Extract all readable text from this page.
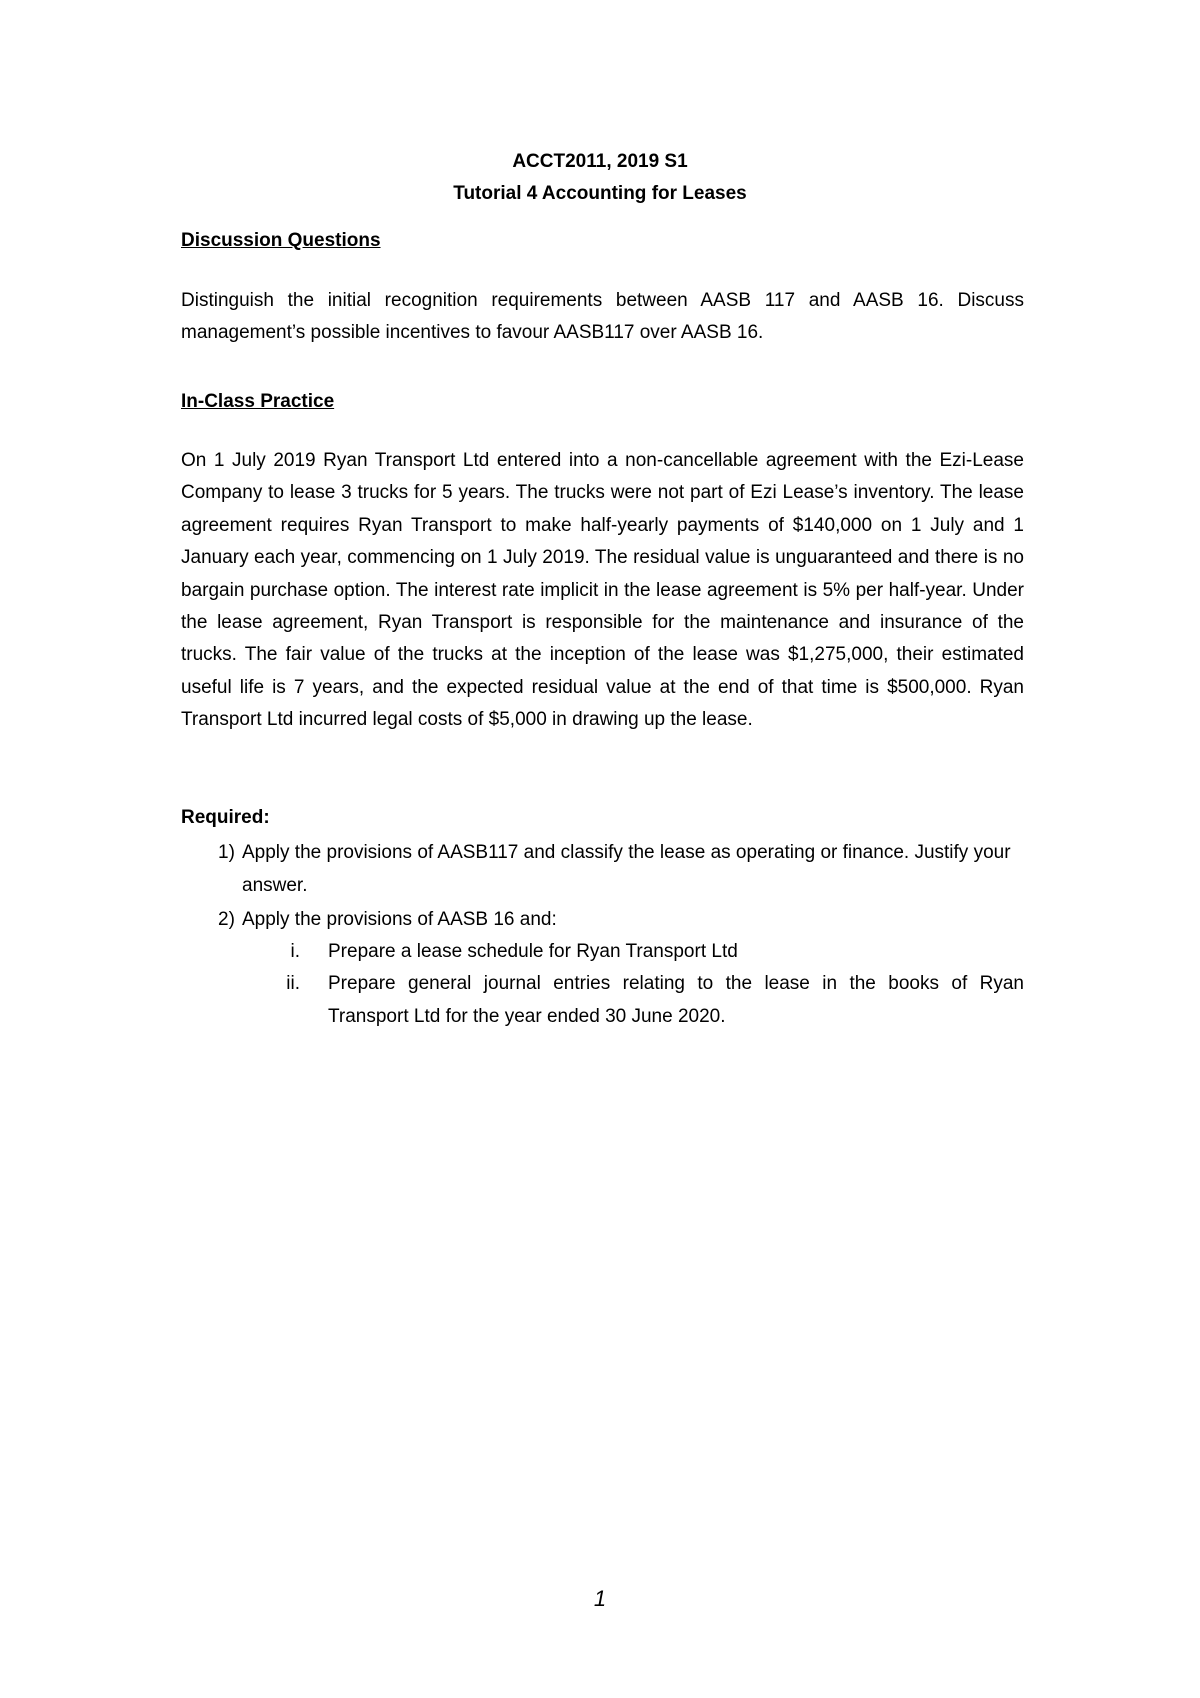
ACCT2011, 2019 S1
Tutorial 4 Accounting for Leases
Discussion Questions
Distinguish the initial recognition requirements between AASB 117 and AASB 16. Discuss management’s possible incentives to favour AASB117 over AASB 16.
In-Class Practice
On 1 July 2019 Ryan Transport Ltd entered into a non-cancellable agreement with the Ezi-Lease Company to lease 3 trucks for 5 years. The trucks were not part of Ezi Lease’s inventory. The lease agreement requires Ryan Transport to make half-yearly payments of $140,000 on 1 July and 1 January each year, commencing on 1 July 2019. The residual value is unguaranteed and there is no bargain purchase option. The interest rate implicit in the lease agreement is 5% per half-year. Under the lease agreement, Ryan Transport is responsible for the maintenance and insurance of the trucks. The fair value of the trucks at the inception of the lease was $1,275,000, their estimated useful life is 7 years, and the expected residual value at the end of that time is $500,000. Ryan Transport Ltd incurred legal costs of $5,000 in drawing up the lease.
Required:
1) Apply the provisions of AASB117 and classify the lease as operating or finance. Justify your answer.
2) Apply the provisions of AASB 16 and:
i. Prepare a lease schedule for Ryan Transport Ltd
ii. Prepare general journal entries relating to the lease in the books of Ryan Transport Ltd for the year ended 30 June 2020.
1
